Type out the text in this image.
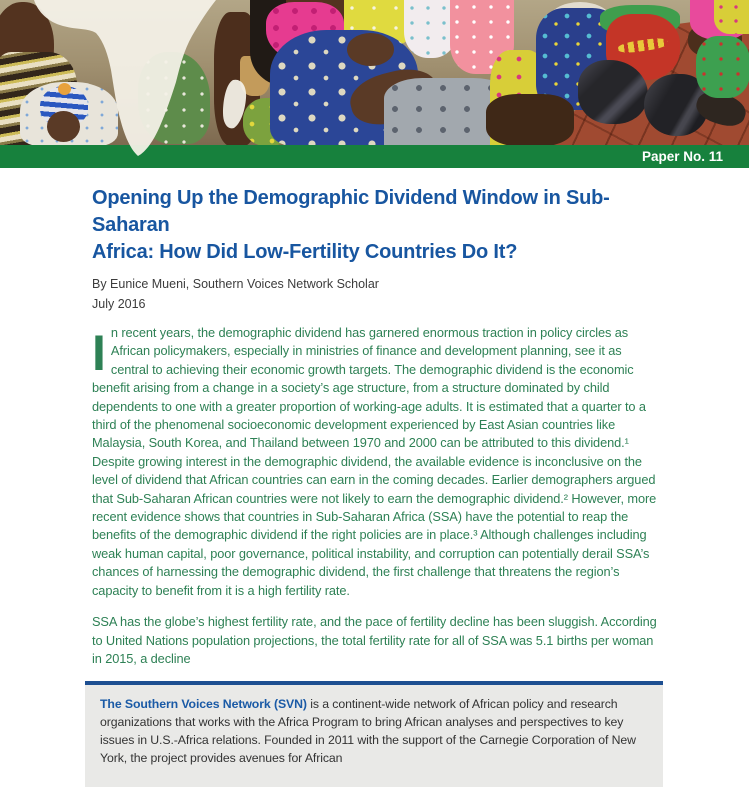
Paper No. 11
Opening Up the Demographic Dividend Window in Sub-Saharan
Africa: How Did Low-Fertility Countries Do It?

By Eunice Mueni, Southern Voices Network Scholar

July 2016

In recent years, the demographic dividend has garnered enormous traction in policy circles as African policymakers, especially in ministries of finance and development planning, see it as central to achieving their economic growth targets. The demographic dividend is the economic benefit arising from a change in a society’s age structure, from a structure dominated by child dependents to one with a greater proportion of working-age adults. It is estimated that a quarter to a third of the phenomenal socioeconomic development experienced by East Asian countries like Malaysia, South Korea, and Thailand between 1970 and 2000 can be attributed to this dividend.¹ Despite growing interest in the demographic dividend, the available evidence is inconclusive on the level of dividend that African countries can earn in the coming decades. Earlier demographers argued that Sub-Saharan African countries were not likely to earn the demographic dividend.² However, more recent evidence shows that countries in Sub-Saharan Africa (SSA) have the potential to reap the benefits of the demographic dividend if the right policies are in place.³ Although challenges including weak human capital, poor governance, political instability, and corruption can potentially derail SSA’s chances of harnessing the demographic dividend, the first challenge that threatens the region’s capacity to benefit from it is a high fertility rate.

SSA has the globe’s highest fertility rate, and the pace of fertility decline has been sluggish. According to United Nations population projections, the total fertility rate for all of SSA was 5.1 births per woman in 2015, a decline

The Southern Voices Network (SVN) is a continent-wide network of African policy and research organizations that works with the Africa Program to bring African analyses and perspectives to key issues in U.S.-Africa relations. Founded in 2011 with the support of the Carnegie Corporation of New York, the project provides avenues for African
